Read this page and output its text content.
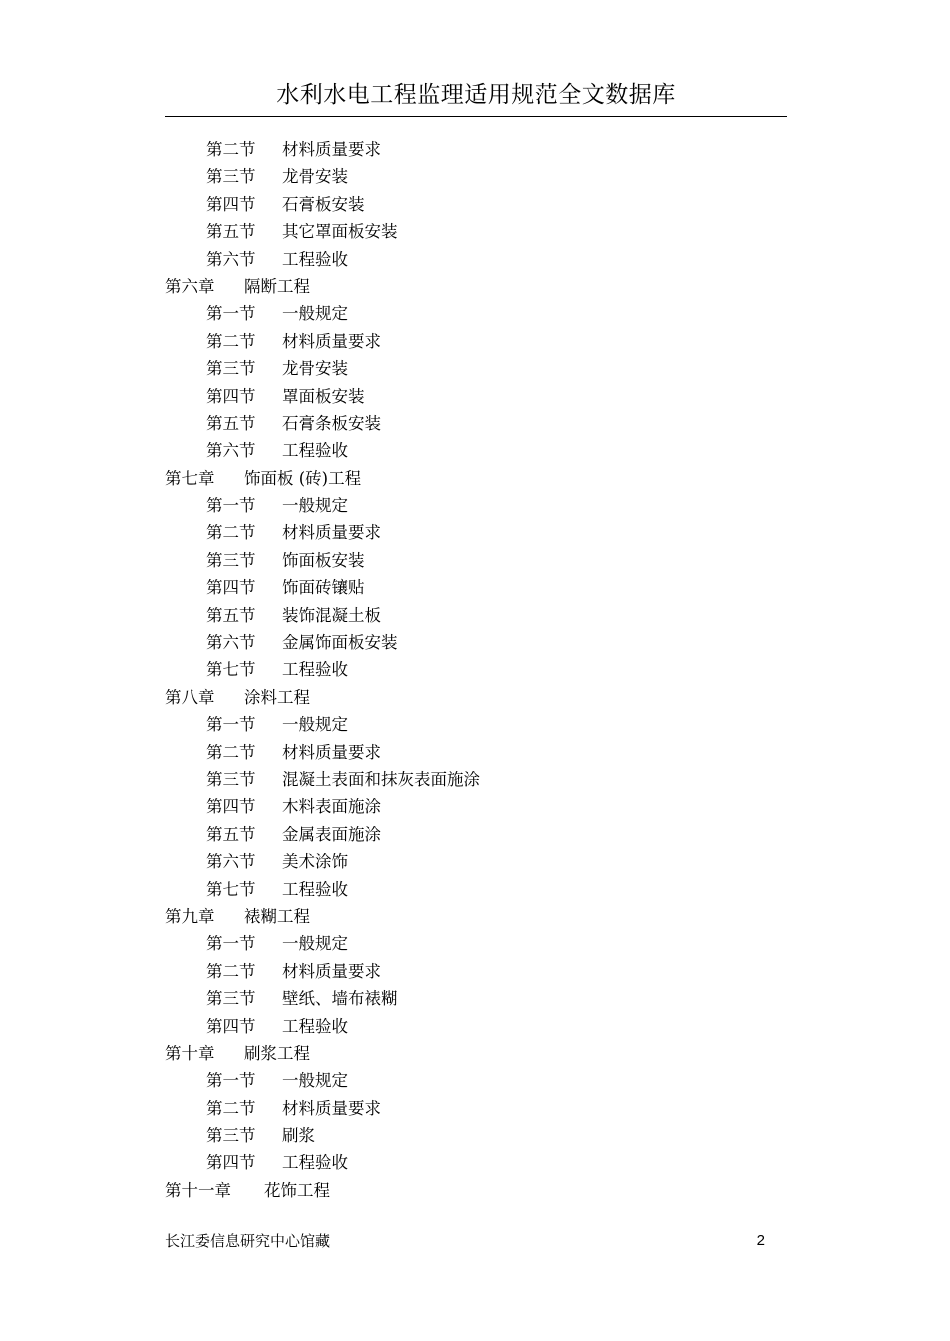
水利水电工程监理适用规范全文数据库
第二节 材料质量要求
第三节 龙骨安装
第四节 石膏板安装
第五节 其它罩面板安装
第六节 工程验收
第六章 隔断工程
第一节 一般规定
第二节 材料质量要求
第三节 龙骨安装
第四节 罩面板安装
第五节 石膏条板安装
第六节 工程验收
第七章 饰面板 (砖)工程
第一节 一般规定
第二节 材料质量要求
第三节 饰面板安装
第四节 饰面砖镶贴
第五节 装饰混凝土板
第六节 金属饰面板安装
第七节 工程验收
第八章 涂料工程
第一节 一般规定
第二节 材料质量要求
第三节 混凝土表面和抹灰表面施涂
第四节 木料表面施涂
第五节 金属表面施涂
第六节 美术涂饰
第七节 工程验收
第九章 裱糊工程
第一节 一般规定
第二节 材料质量要求
第三节 壁纸、墙布裱糊
第四节 工程验收
第十章 刷浆工程
第一节 一般规定
第二节 材料质量要求
第三节 刷浆
第四节 工程验收
第十一章 花饰工程
长江委信息研究中心馆藏	2
